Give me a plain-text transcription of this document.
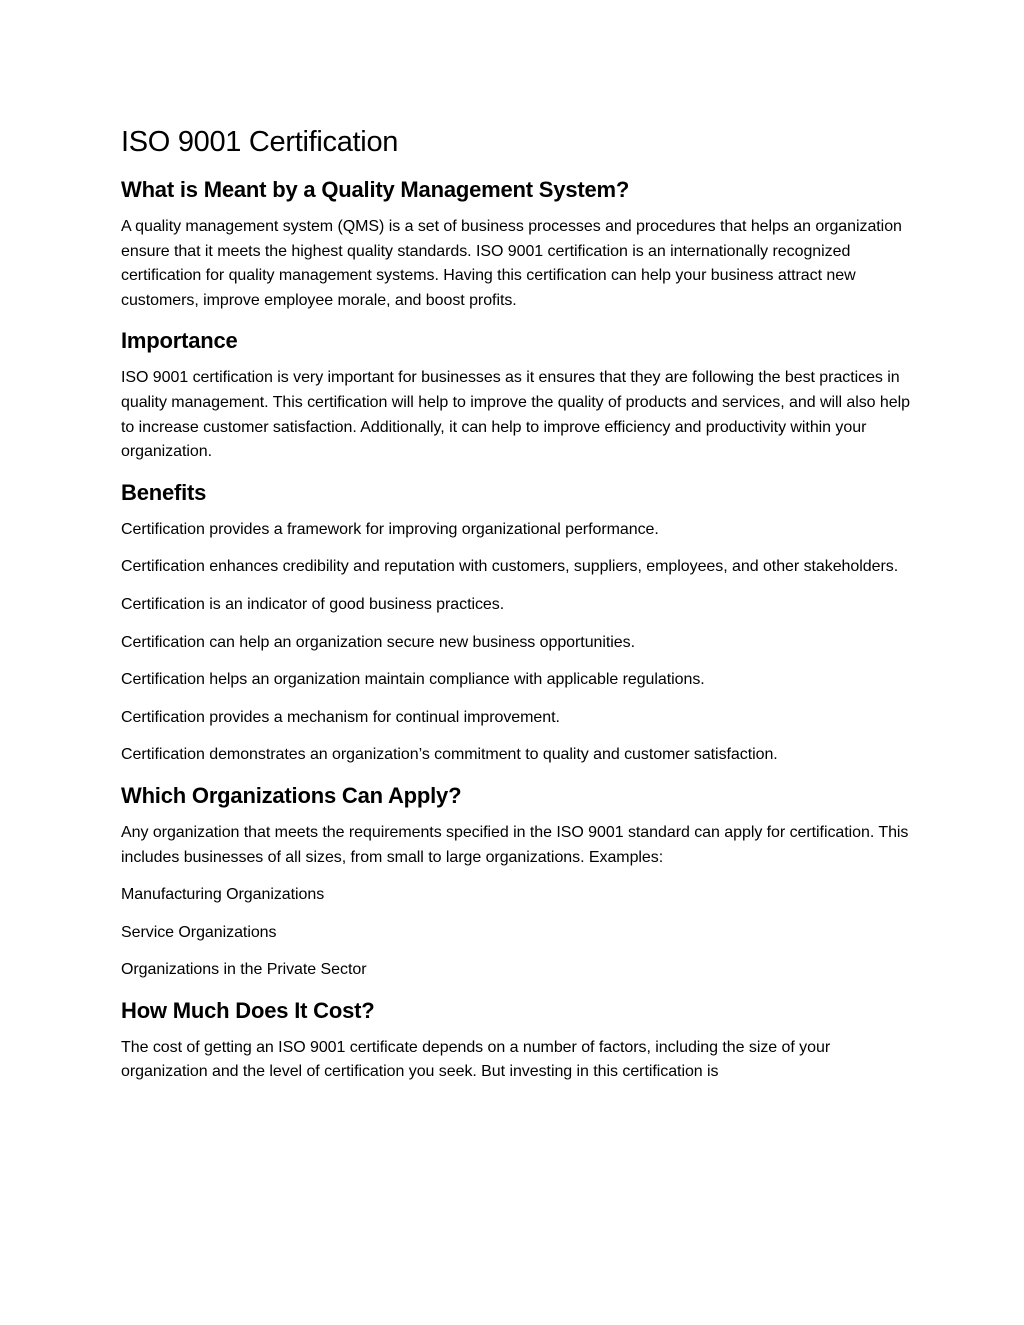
ISO 9001 Certification
What is Meant by a Quality Management System?

A quality management system (QMS) is a set of business processes and procedures that helps an organization ensure that it meets the highest quality standards. ISO 9001 certification is an internationally recognized certification for quality management systems. Having this certification can help your business attract new customers, improve employee morale, and boost profits.

Importance

ISO 9001 certification is very important for businesses as it ensures that they are following the best practices in quality management. This certification will help to improve the quality of products and services, and will also help to increase customer satisfaction. Additionally, it can help to improve efficiency and productivity within your organization.

Benefits

Certification provides a framework for improving organizational performance.

Certification enhances credibility and reputation with customers, suppliers, employees, and other stakeholders.

Certification is an indicator of good business practices.

Certification can help an organization secure new business opportunities.

Certification helps an organization maintain compliance with applicable regulations.

Certification provides a mechanism for continual improvement.

Certification demonstrates an organization’s commitment to quality and customer satisfaction.

Which Organizations Can Apply?

Any organization that meets the requirements specified in the ISO 9001 standard can apply for certification. This includes businesses of all sizes, from small to large organizations. Examples:

Manufacturing Organizations

Service Organizations

Organizations in the Private Sector

How Much Does It Cost?

The cost of getting an ISO 9001 certificate depends on a number of factors, including the size of your organization and the level of certification you seek. But investing in this certification is
